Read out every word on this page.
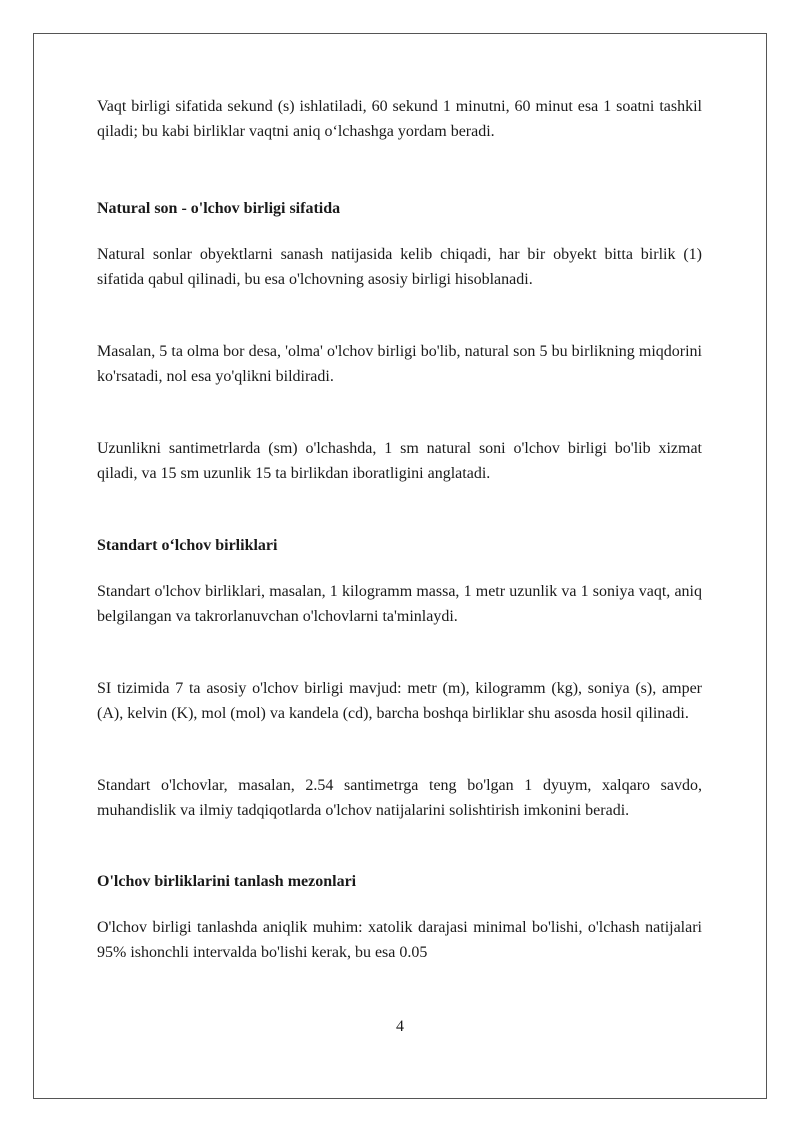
Vaqt birligi sifatida sekund (s) ishlatiladi, 60 sekund 1 minutni, 60 minut esa 1 soatni tashkil qiladi; bu kabi birliklar vaqtni aniq oʻlchashga yordam beradi.

Natural son - o'lchov birligi sifatida

Natural sonlar obyektlarni sanash natijasida kelib chiqadi, har bir obyekt bitta birlik (1) sifatida qabul qilinadi, bu esa o'lchovning asosiy birligi hisoblanadi.

Masalan, 5 ta olma bor desa, 'olma' o'lchov birligi bo'lib, natural son 5 bu birlikning miqdorini ko'rsatadi, nol esa yo'qlikni bildiradi.

Uzunlikni santimetrlarda (sm) o'lchashda, 1 sm natural soni o'lchov birligi bo'lib xizmat qiladi, va 15 sm uzunlik 15 ta birlikdan iboratligini anglatadi.

Standart oʻlchov birliklari

Standart o'lchov birliklari, masalan, 1 kilogramm massa, 1 metr uzunlik va 1 soniya vaqt, aniq belgilangan va takrorlanuvchan o'lchovlarni ta'minlaydi.

SI tizimida 7 ta asosiy o'lchov birligi mavjud: metr (m), kilogramm (kg), soniya (s), amper (A), kelvin (K), mol (mol) va kandela (cd), barcha boshqa birliklar shu asosda hosil qilinadi.

Standart o'lchovlar, masalan, 2.54 santimetrga teng bo'lgan 1 dyuym, xalqaro savdo, muhandislik va ilmiy tadqiqotlarda o'lchov natijalarini solishtirish imkonini beradi.

O'lchov birliklarini tanlash mezonlari

O'lchov birligi tanlashda aniqlik muhim: xatolik darajasi minimal bo'lishi, o'lchash natijalari 95% ishonchli intervalda bo'lishi kerak, bu esa 0.05

4
